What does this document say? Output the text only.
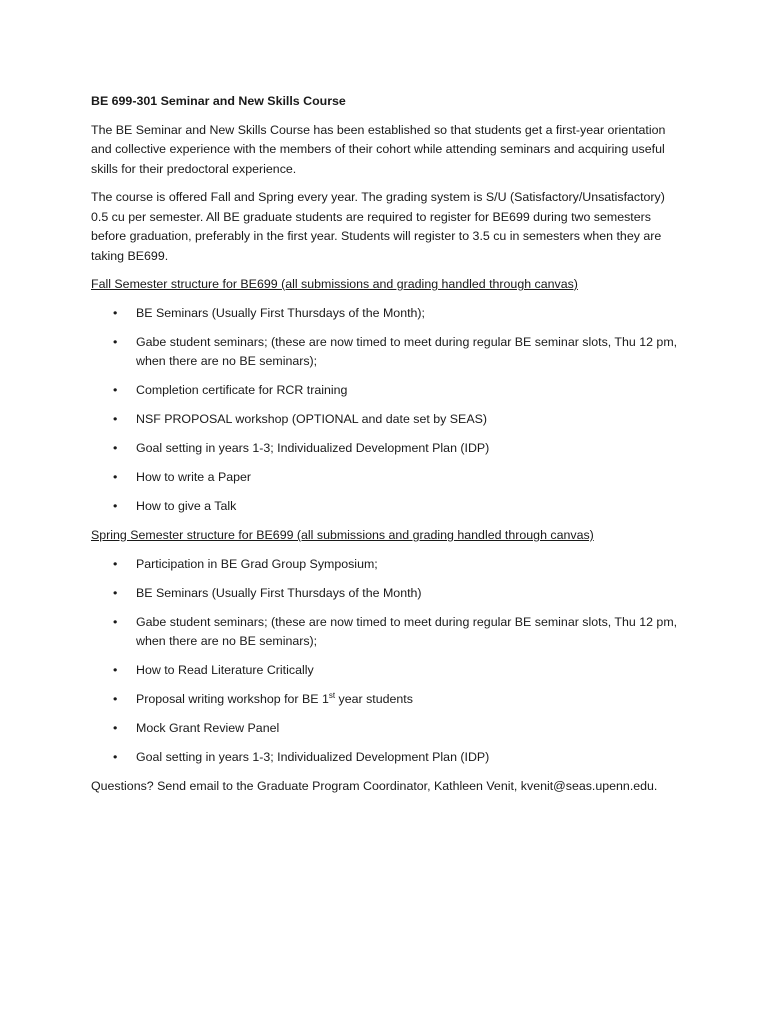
BE 699-301 Seminar and New Skills Course
The BE Seminar and New Skills Course has been established so that students get a first-year orientation and collective experience with the members of their cohort while attending seminars and acquiring useful skills for their predoctoral experience.
The course is offered Fall and Spring every year. The grading system is S/U (Satisfactory/Unsatisfactory) 0.5 cu per semester. All BE graduate students are required to register for BE699 during two semesters before graduation, preferably in the first year. Students will register to 3.5 cu in semesters when they are taking BE699.
Fall Semester structure for BE699 (all submissions and grading handled through canvas)
• BE Seminars (Usually First Thursdays of the Month);
• Gabe student seminars; (these are now timed to meet during regular BE seminar slots, Thu 12 pm, when there are no BE seminars);
• Completion certificate for RCR training
• NSF PROPOSAL workshop (OPTIONAL and date set by SEAS)
• Goal setting in years 1-3; Individualized Development Plan (IDP)
• How to write a Paper
• How to give a Talk
Spring Semester structure for BE699 (all submissions and grading handled through canvas)
• Participation in BE Grad Group Symposium;
• BE Seminars (Usually First Thursdays of the Month)
• Gabe student seminars; (these are now timed to meet during regular BE seminar slots, Thu 12 pm, when there are no BE seminars);
• How to Read Literature Critically
• Proposal writing workshop for BE 1st year students
• Mock Grant Review Panel
• Goal setting in years 1-3; Individualized Development Plan (IDP)
Questions? Send email to the Graduate Program Coordinator, Kathleen Venit, kvenit@seas.upenn.edu.
